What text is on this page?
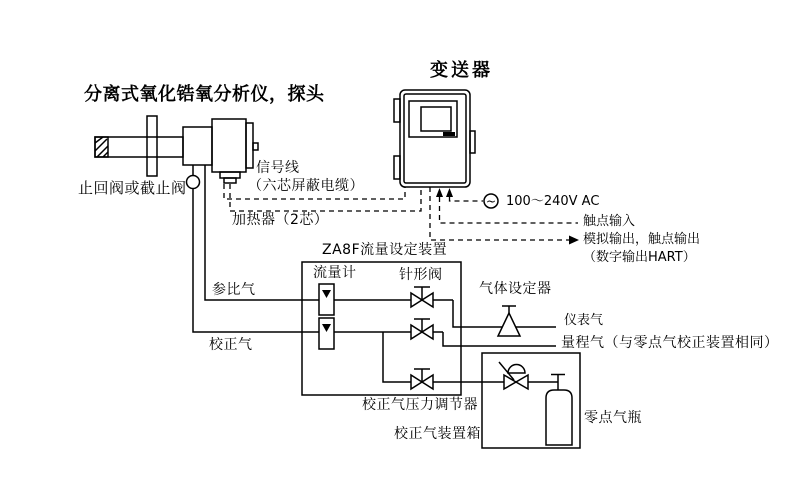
~
分离式氧化锆氧分析仪，探头
变送器
止回阀或截止阀
信号线
（六芯屏蔽电缆）
加热器（2芯）
ZA8F流量设定装置
流量计	针形阀
参比气
校正气
100～240V AC
触点输入
模拟输出，触点输出
（数字输出HART）
气体设定器
仪表气
量程气（与零点气校正装置相同）
校正气压力调节器
校正气装置箱
零点气瓶
